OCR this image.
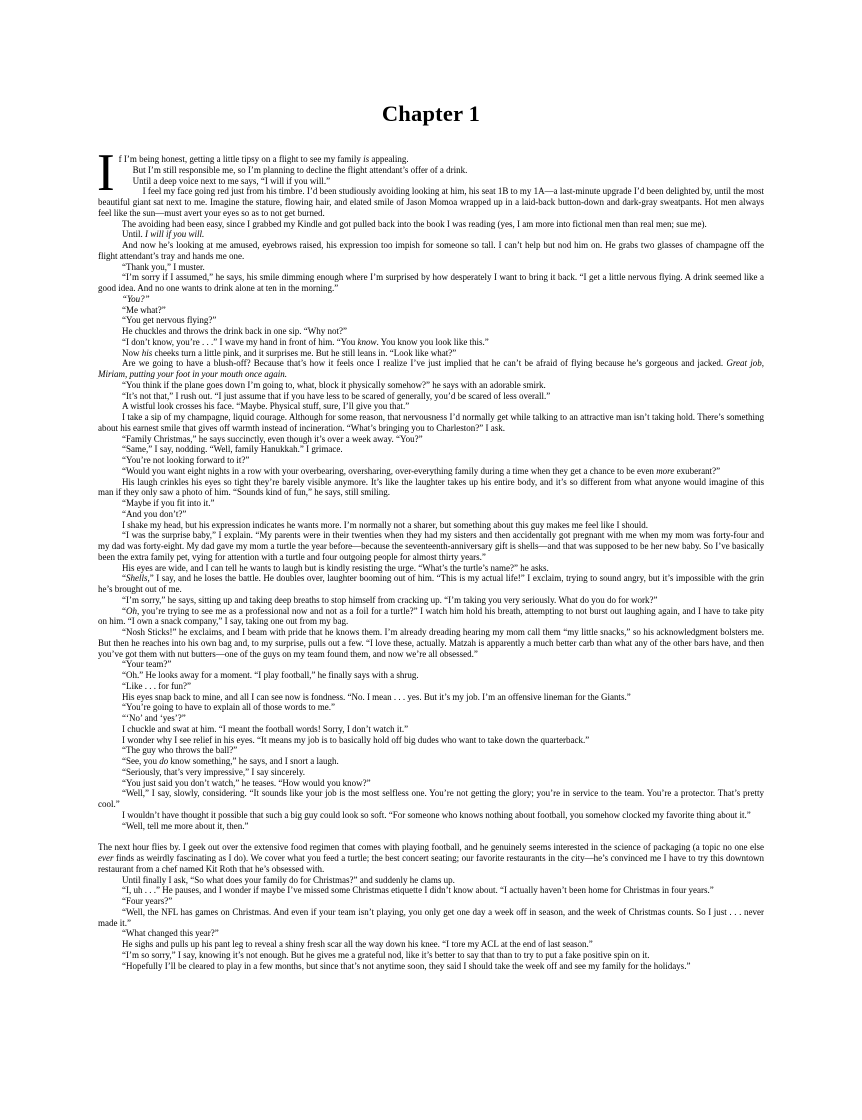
Chapter 1

If I’m being honest, getting a little tipsy on a flight to see my family is appealing.

But I’m still responsible me, so I’m planning to decline the flight attendant’s offer of a drink.

Until a deep voice next to me says, “I will if you will.”

I feel my face going red just from his timbre. I’d been studiously avoiding looking at him, his seat 1B to my 1A—a last-minute upgrade I’d been delighted by, until the most beautiful giant sat next to me. Imagine the stature, flowing hair, and elated smile of Jason Momoa wrapped up in a laid-back button-down and dark-gray sweatpants. Hot men always feel like the sun—must avert your eyes so as to not get burned.

The avoiding had been easy, since I grabbed my Kindle and got pulled back into the book I was reading (yes, I am more into fictional men than real men; sue me).

Until. I will if you will.

And now he’s looking at me amused, eyebrows raised, his expression too impish for someone so tall. I can’t help but nod him on. He grabs two glasses of champagne off the flight attendant’s tray and hands me one.

“Thank you,” I muster.

“I’m sorry if I assumed,” he says, his smile dimming enough where I’m surprised by how desperately I want to bring it back. “I get a little nervous flying. A drink seemed like a good idea. And no one wants to drink alone at ten in the morning.”

“You?”

“Me what?”

“You get nervous flying?”

He chuckles and throws the drink back in one sip. “Why not?”

“I don’t know, you’re . . .” I wave my hand in front of him. “You know. You know you look like this.”

Now his cheeks turn a little pink, and it surprises me. But he still leans in. “Look like what?”

Are we going to have a blush-off? Because that’s how it feels once I realize I’ve just implied that he can’t be afraid of flying because he’s gorgeous and jacked. Great job, Miriam, putting your foot in your mouth once again.

“You think if the plane goes down I’m going to, what, block it physically somehow?” he says with an adorable smirk.

“It’s not that,” I rush out. “I just assume that if you have less to be scared of generally, you’d be scared of less overall.”

A wistful look crosses his face. “Maybe. Physical stuff, sure, I’ll give you that.”

I take a sip of my champagne, liquid courage. Although for some reason, that nervousness I’d normally get while talking to an attractive man isn’t taking hold. There’s something about his earnest smile that gives off warmth instead of incineration. “What’s bringing you to Charleston?” I ask.

“Family Christmas,” he says succinctly, even though it’s over a week away. “You?”

“Same,” I say, nodding. “Well, family Hanukkah.” I grimace.

“You’re not looking forward to it?”

“Would you want eight nights in a row with your overbearing, oversharing, over-everything family during a time when they get a chance to be even more exuberant?”

His laugh crinkles his eyes so tight they’re barely visible anymore. It’s like the laughter takes up his entire body, and it’s so different from what anyone would imagine of this man if they only saw a photo of him. “Sounds kind of fun,” he says, still smiling.

“Maybe if you fit into it.”

“And you don’t?”

I shake my head, but his expression indicates he wants more. I’m normally not a sharer, but something about this guy makes me feel like I should.

“I was the surprise baby,” I explain. “My parents were in their twenties when they had my sisters and then accidentally got pregnant with me when my mom was forty-four and my dad was forty-eight. My dad gave my mom a turtle the year before—because the seventeenth-anniversary gift is shells—and that was supposed to be her new baby. So I’ve basically been the extra family pet, vying for attention with a turtle and four outgoing people for almost thirty years.”

His eyes are wide, and I can tell he wants to laugh but is kindly resisting the urge. “What’s the turtle’s name?” he asks.

“Shells,” I say, and he loses the battle. He doubles over, laughter booming out of him. “This is my actual life!” I exclaim, trying to sound angry, but it’s impossible with the grin he’s brought out of me.

“I’m sorry,” he says, sitting up and taking deep breaths to stop himself from cracking up. “I’m taking you very seriously. What do you do for work?”

“Oh, you’re trying to see me as a professional now and not as a foil for a turtle?” I watch him hold his breath, attempting to not burst out laughing again, and I have to take pity on him. “I own a snack company,” I say, taking one out from my bag.

“Nosh Sticks!” he exclaims, and I beam with pride that he knows them. I’m already dreading hearing my mom call them “my little snacks,” so his acknowledgment bolsters me. But then he reaches into his own bag and, to my surprise, pulls out a few. “I love these, actually. Matzah is apparently a much better carb than what any of the other bars have, and then you’ve got them with nut butters—one of the guys on my team found them, and now we’re all obsessed.”

“Your team?”

“Oh.” He looks away for a moment. “I play football,” he finally says with a shrug.

“Like . . . for fun?”

His eyes snap back to mine, and all I can see now is fondness. “No. I mean . . . yes. But it’s my job. I’m an offensive lineman for the Giants.”

“You’re going to have to explain all of those words to me.”

“‘No’ and ‘yes’?”

I chuckle and swat at him. “I meant the football words! Sorry, I don’t watch it.”

I wonder why I see relief in his eyes. “It means my job is to basically hold off big dudes who want to take down the quarterback.”

“The guy who throws the ball?”

“See, you do know something,” he says, and I snort a laugh.

“Seriously, that’s very impressive,” I say sincerely.

“You just said you don’t watch,” he teases. “How would you know?”

“Well,” I say, slowly, considering. “It sounds like your job is the most selfless one. You’re not getting the glory; you’re in service to the team. You’re a protector. That’s pretty cool.”

I wouldn’t have thought it possible that such a big guy could look so soft. “For someone who knows nothing about football, you somehow clocked my favorite thing about it.”

“Well, tell me more about it, then.”

The next hour flies by. I geek out over the extensive food regimen that comes with playing football, and he genuinely seems interested in the science of packaging (a topic no one else ever finds as weirdly fascinating as I do). We cover what you feed a turtle; the best concert seating; our favorite restaurants in the city—he’s convinced me I have to try this downtown restaurant from a chef named Kit Roth that he’s obsessed with.

Until finally I ask, “So what does your family do for Christmas?” and suddenly he clams up.

“I, uh . . .” He pauses, and I wonder if maybe I’ve missed some Christmas etiquette I didn’t know about. “I actually haven’t been home for Christmas in four years.”

“Four years?”

“Well, the NFL has games on Christmas. And even if your team isn’t playing, you only get one day a week off in season, and the week of Christmas counts. So I just . . . never made it.”

“What changed this year?”

He sighs and pulls up his pant leg to reveal a shiny fresh scar all the way down his knee. “I tore my ACL at the end of last season.”

“I’m so sorry,” I say, knowing it’s not enough. But he gives me a grateful nod, like it’s better to say that than to try to put a fake positive spin on it.

“Hopefully I’ll be cleared to play in a few months, but since that’s not anytime soon, they said I should take the week off and see my family for the holidays.”
